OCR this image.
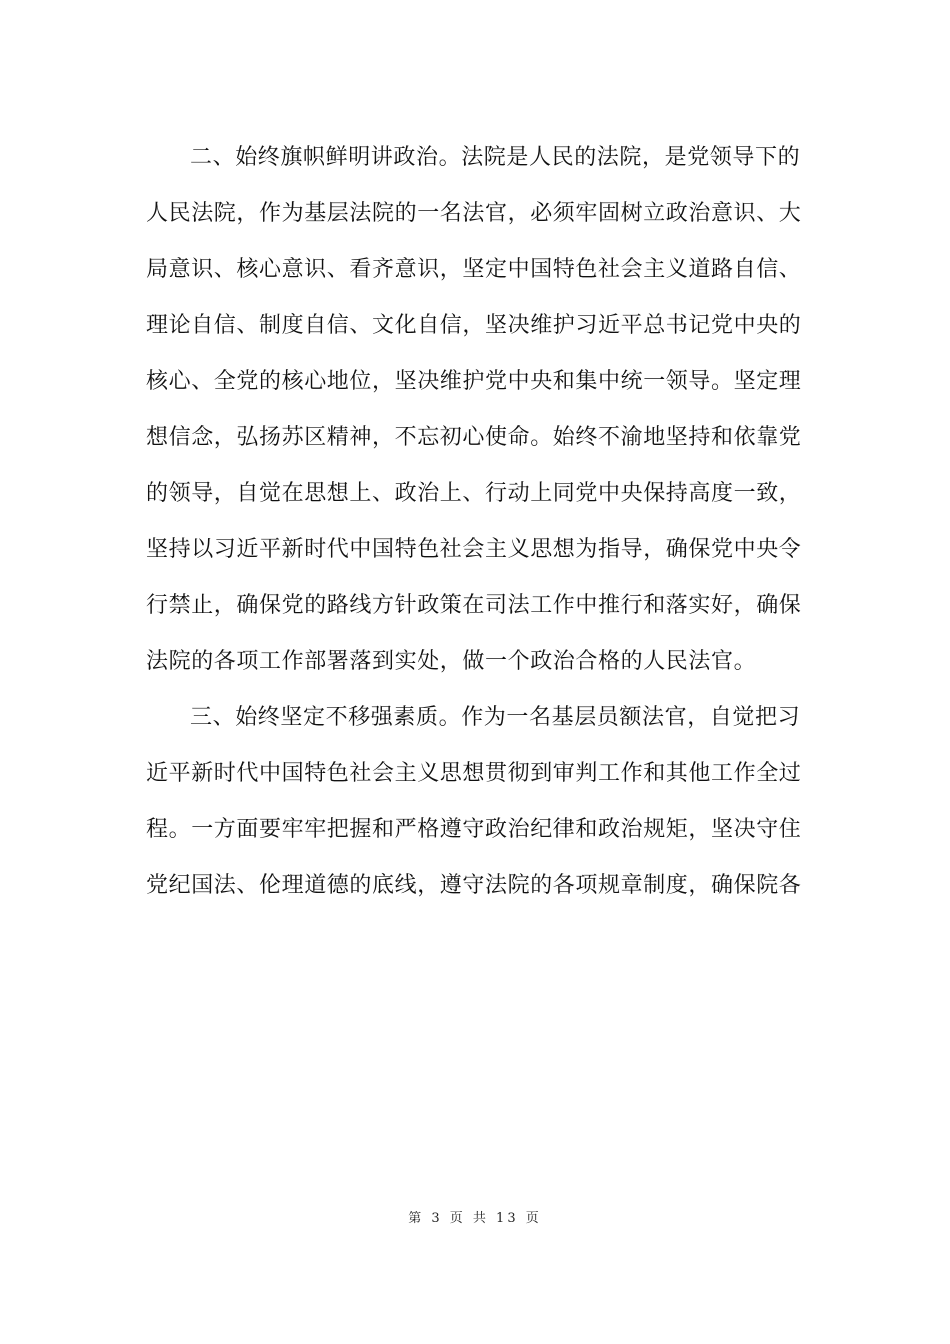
二、始终旗帜鲜明讲政治。法院是人民的法院，是党领导下的
人民法院，作为基层法院的一名法官，必须牢固树立政治意识、大
局意识、核心意识、看齐意识，坚定中国特色社会主义道路自信、
理论自信、制度自信、文化自信，坚决维护习近平总书记党中央的
核心、全党的核心地位，坚决维护党中央和集中统一领导。坚定理
想信念，弘扬苏区精神，不忘初心使命。始终不渝地坚持和依靠党
的领导，自觉在思想上、政治上、行动上同党中央保持高度一致，
坚持以习近平新时代中国特色社会主义思想为指导，确保党中央令
行禁止，确保党的路线方针政策在司法工作中推行和落实好，确保
法院的各项工作部署落到实处，做一个政治合格的人民法官。
三、始终坚定不移强素质。作为一名基层员额法官，自觉把习
近平新时代中国特色社会主义思想贯彻到审判工作和其他工作全过
程。一方面要牢牢把握和严格遵守政治纪律和政治规矩，坚决守住
党纪国法、伦理道德的底线，遵守法院的各项规章制度，确保院各
第 3 页 共 13 页
